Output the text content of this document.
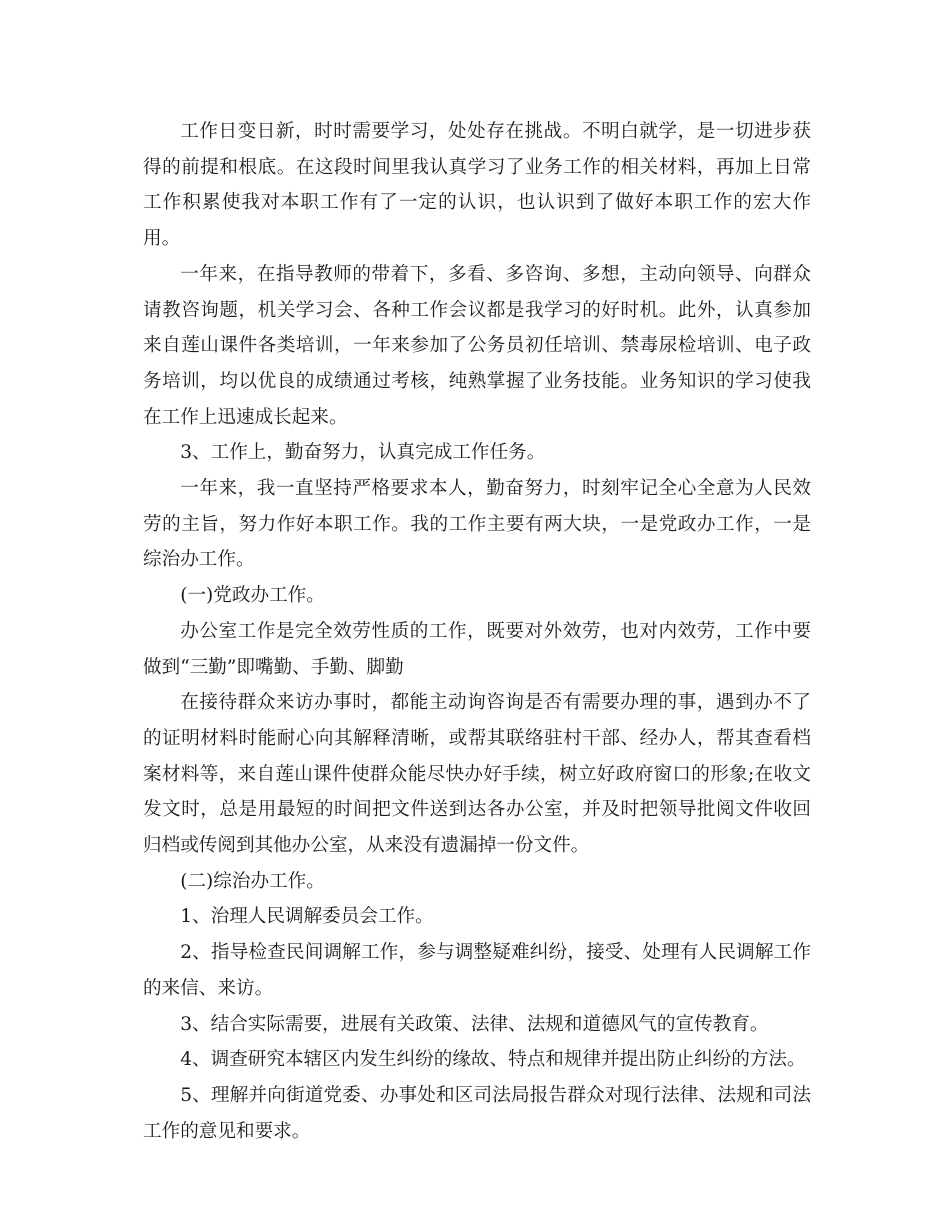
工作日变日新，时时需要学习，处处存在挑战。不明白就学，是一切进步获得的前提和根底。在这段时间里我认真学习了业务工作的相关材料，再加上日常工作积累使我对本职工作有了一定的认识，也认识到了做好本职工作的宏大作用。

一年来，在指导教师的带着下，多看、多咨询、多想，主动向领导、向群众请教咨询题，机关学习会、各种工作会议都是我学习的好时机。此外，认真参加来自莲山课件各类培训，一年来参加了公务员初任培训、禁毒尿检培训、电子政务培训，均以优良的成绩通过考核，纯熟掌握了业务技能。业务知识的学习使我在工作上迅速成长起来。

3、工作上，勤奋努力，认真完成工作任务。

一年来，我一直坚持严格要求本人，勤奋努力，时刻牢记全心全意为人民效劳的主旨，努力作好本职工作。我的工作主要有两大块，一是党政办工作，一是综治办工作。

(一)党政办工作。

办公室工作是完全效劳性质的工作，既要对外效劳，也对内效劳，工作中要做到“三勤”即嘴勤、手勤、脚勤

在接待群众来访办事时，都能主动询咨询是否有需要办理的事，遇到办不了的证明材料时能耐心向其解释清晰，或帮其联络驻村干部、经办人，帮其查看档案材料等，来自莲山课件使群众能尽快办好手续，树立好政府窗口的形象;在收文发文时，总是用最短的时间把文件送到达各办公室，并及时把领导批阅文件收回归档或传阅到其他办公室，从来没有遗漏掉一份文件。

(二)综治办工作。

1、治理人民调解委员会工作。

2、指导检查民间调解工作，参与调整疑难纠纷，接受、处理有人民调解工作的来信、来访。

3、结合实际需要，进展有关政策、法律、法规和道德风气的宣传教育。

4、调查研究本辖区内发生纠纷的缘故、特点和规律并提出防止纠纷的方法。

5、理解并向街道党委、办事处和区司法局报告群众对现行法律、法规和司法工作的意见和要求。
